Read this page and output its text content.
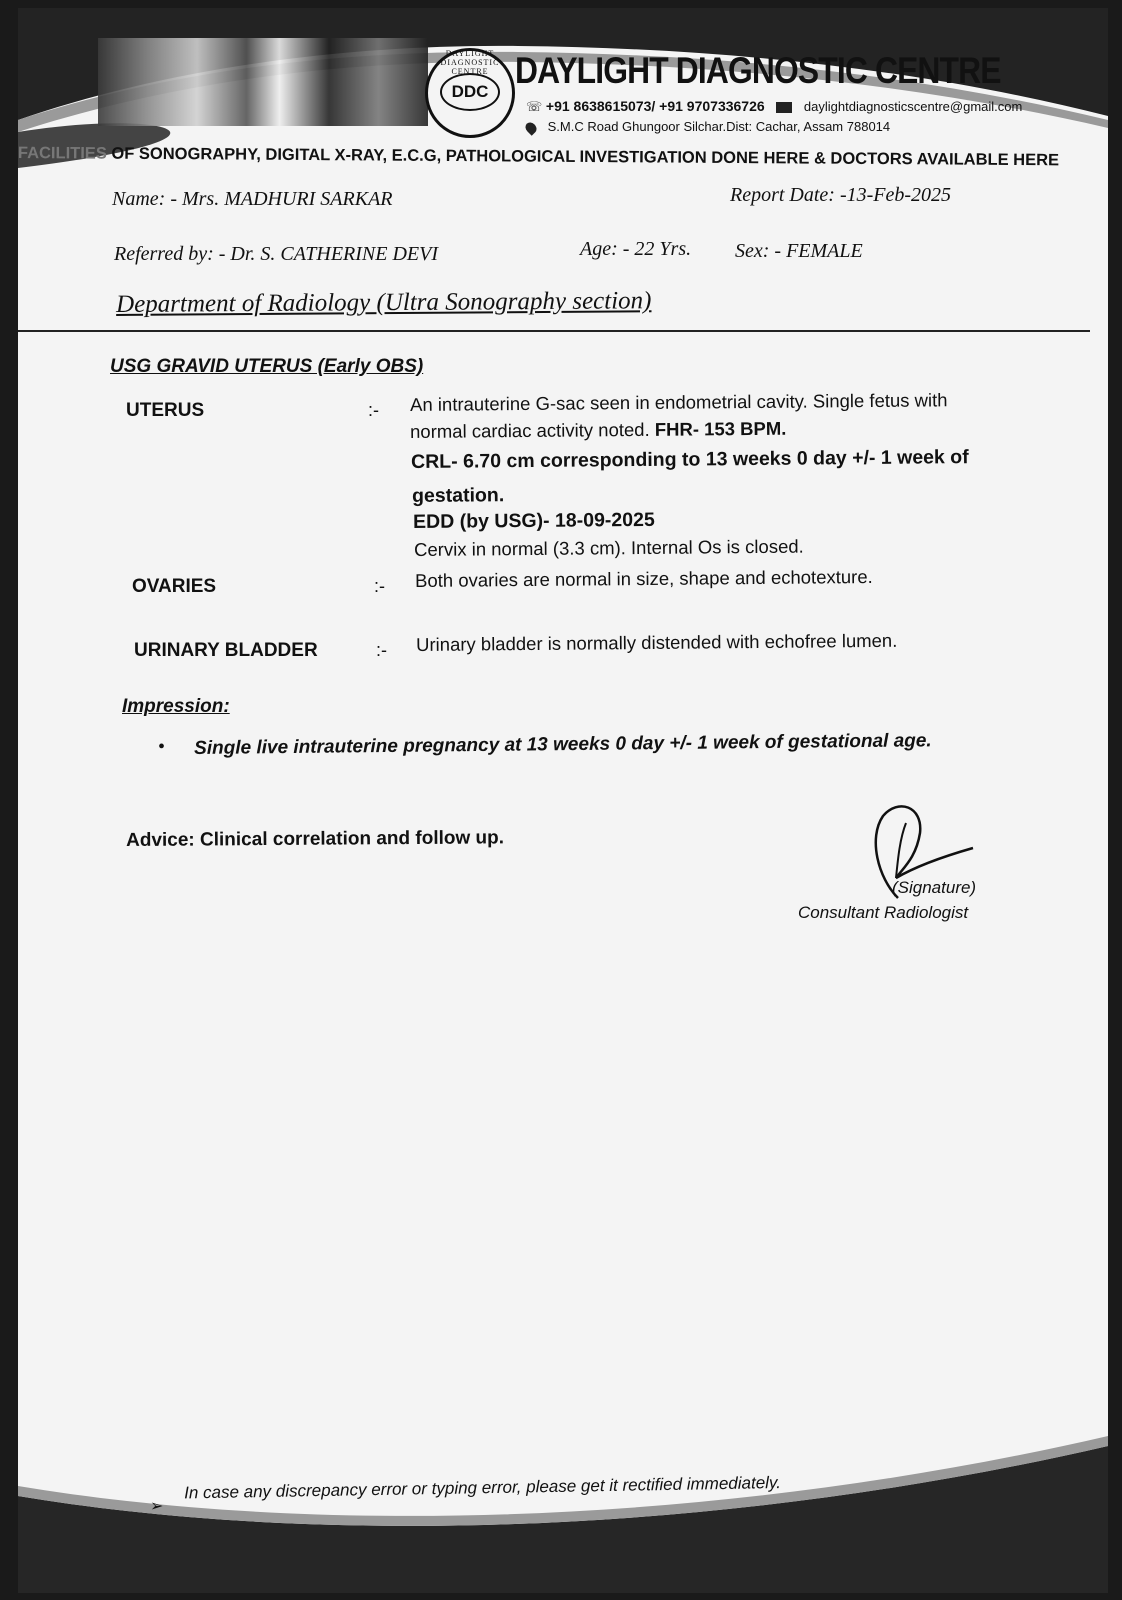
DAYLIGHT DIAGNOSTIC CENTRE
DDC
DAYLIGHT DIAGNOSTIC CENTRE
☏ +91 8638615073/ +91 9707336726	daylightdiagnosticscentre@gmail.com
S.M.C Road Ghungoor Silchar.Dist: Cachar, Assam 788014
FACILITIES OF SONOGRAPHY, DIGITAL X-RAY, E.C.G, PATHOLOGICAL INVESTIGATION DONE HERE & DOCTORS AVAILABLE HERE
Name: - Mrs. MADHURI SARKAR	Report Date: -13-Feb-2025
Referred by: - Dr. S. CATHERINE DEVI	Age: - 22 Yrs. Sex: - FEMALE
Department of Radiology (Ultra Sonography section)
USG GRAVID UTERUS (Early OBS)
UTERUS	:- An intrauterine G-sac seen in endometrial cavity. Single fetus with
normal cardiac activity noted. FHR- 153 BPM.
CRL- 6.70 cm corresponding to 13 weeks 0 day +/- 1 week of
gestation.
EDD (by USG)- 18-09-2025
Cervix in normal (3.3 cm). Internal Os is closed.
OVARIES	:- Both ovaries are normal in size, shape and echotexture.
URINARY BLADDER	:- Urinary bladder is normally distended with echofree lumen.
Impression:
• Single live intrauterine pregnancy at 13 weeks 0 day +/- 1 week of gestational age.
Advice: Clinical correlation and follow up.
(Signature)
Consultant Radiologist
➢
In case any discrepancy error or typing error, please get it rectified immediately.
